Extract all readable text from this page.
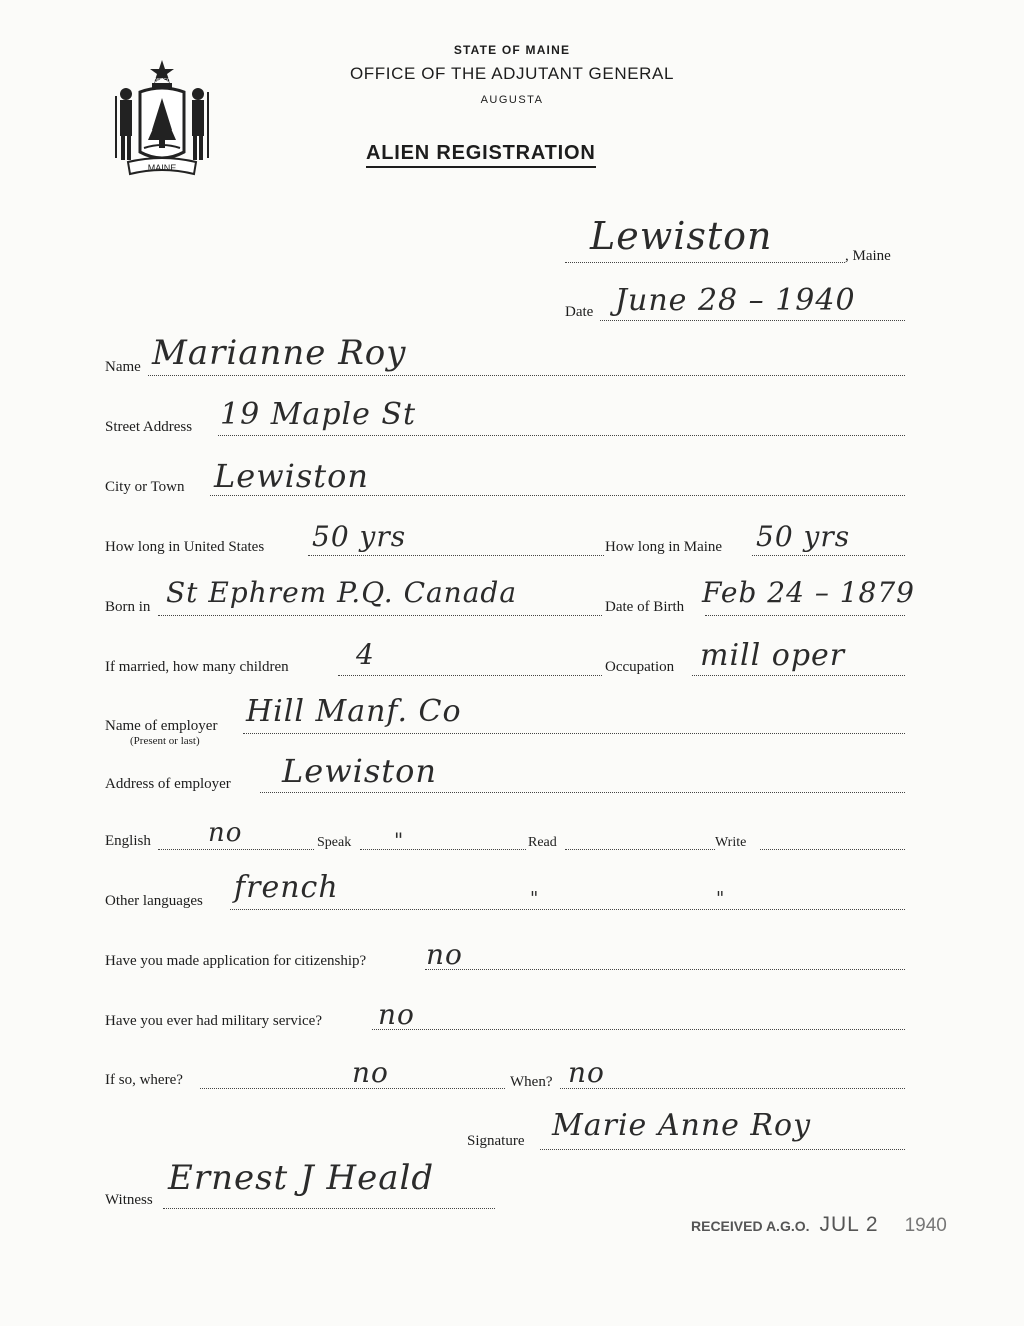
MAINE
DIRIGO
STATE OF MAINE
OFFICE OF THE ADJUTANT GENERAL
AUGUSTA
ALIEN REGISTRATION
Lewiston	, Maine
Date June 28 – 1940
Name Marianne Roy
Street Address 19 Maple St
City or Town Lewiston
How long in United States 50 yrs	How long in Maine 50 yrs
Born in St Ephrem P.Q. Canada	Date of Birth Feb 24 – 1879
If married, how many children 4	Occupation mill oper
Name of employer
(Present or last)
Hill Manf. Co
Address of employer Lewiston
English no	Speak "	Read	Write
Other languages french	"	"
Have you made application for citizenship? no
Have you ever had military service? no
If so, where?	no	When? no
Signature Marie Anne Roy
Witness
Ernest J Heald
RECEIVED A.G.O. JUL 2 1940
